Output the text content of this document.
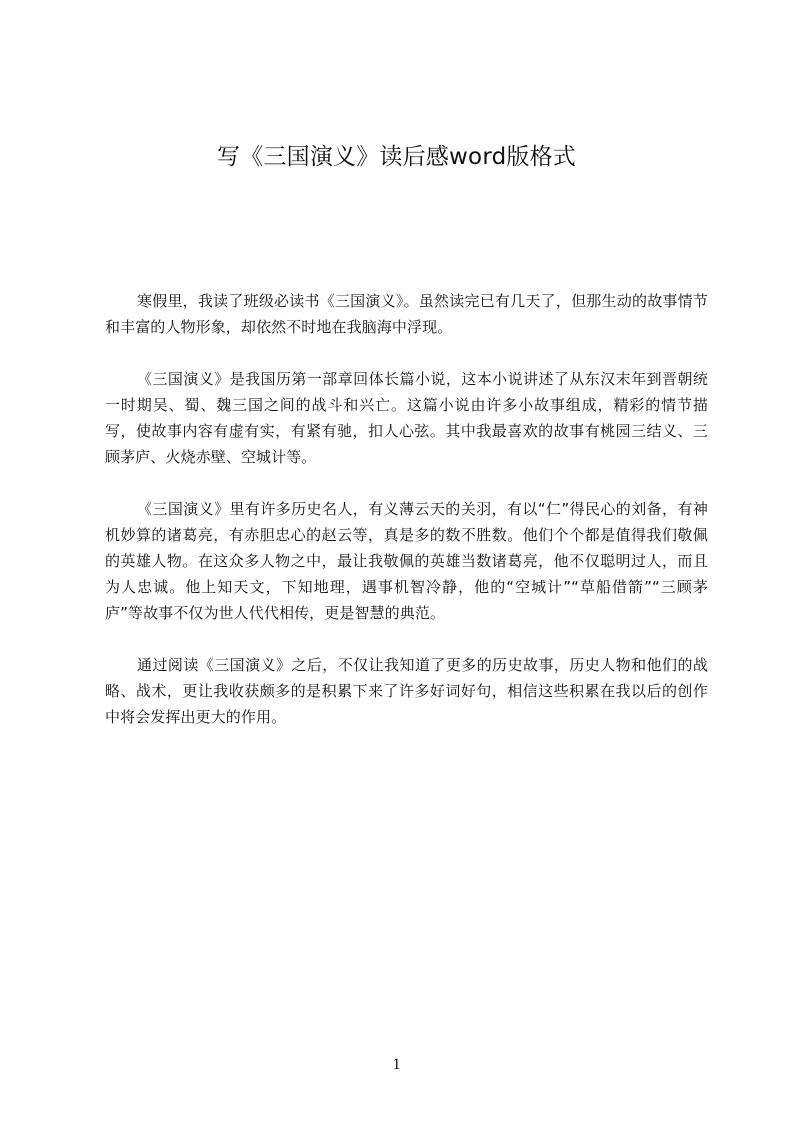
写《三国演义》读后感word版格式

寒假里，我读了班级必读书《三国演义》。虽然读完已有几天了，但那生动的故事情节和丰富的人物形象，却依然不时地在我脑海中浮现。

《三国演义》是我国历第一部章回体长篇小说，这本小说讲述了从东汉末年到晋朝统一时期吴、蜀、魏三国之间的战斗和兴亡。这篇小说由许多小故事组成，精彩的情节描写，使故事内容有虚有实，有紧有驰，扣人心弦。其中我最喜欢的故事有桃园三结义、三顾茅庐、火烧赤壁、空城计等。

《三国演义》里有许多历史名人，有义薄云天的关羽，有以“仁”得民心的刘备，有神机妙算的诸葛亮，有赤胆忠心的赵云等，真是多的数不胜数。他们个个都是值得我们敬佩的英雄人物。在这众多人物之中，最让我敬佩的英雄当数诸葛亮，他不仅聪明过人，而且为人忠诚。他上知天文，下知地理，遇事机智冷静，他的“空城计”“草船借箭”“三顾茅庐”等故事不仅为世人代代相传，更是智慧的典范。

通过阅读《三国演义》之后，不仅让我知道了更多的历史故事，历史人物和他们的战略、战术，更让我收获颇多的是积累下来了许多好词好句，相信这些积累在我以后的创作中将会发挥出更大的作用。

1
